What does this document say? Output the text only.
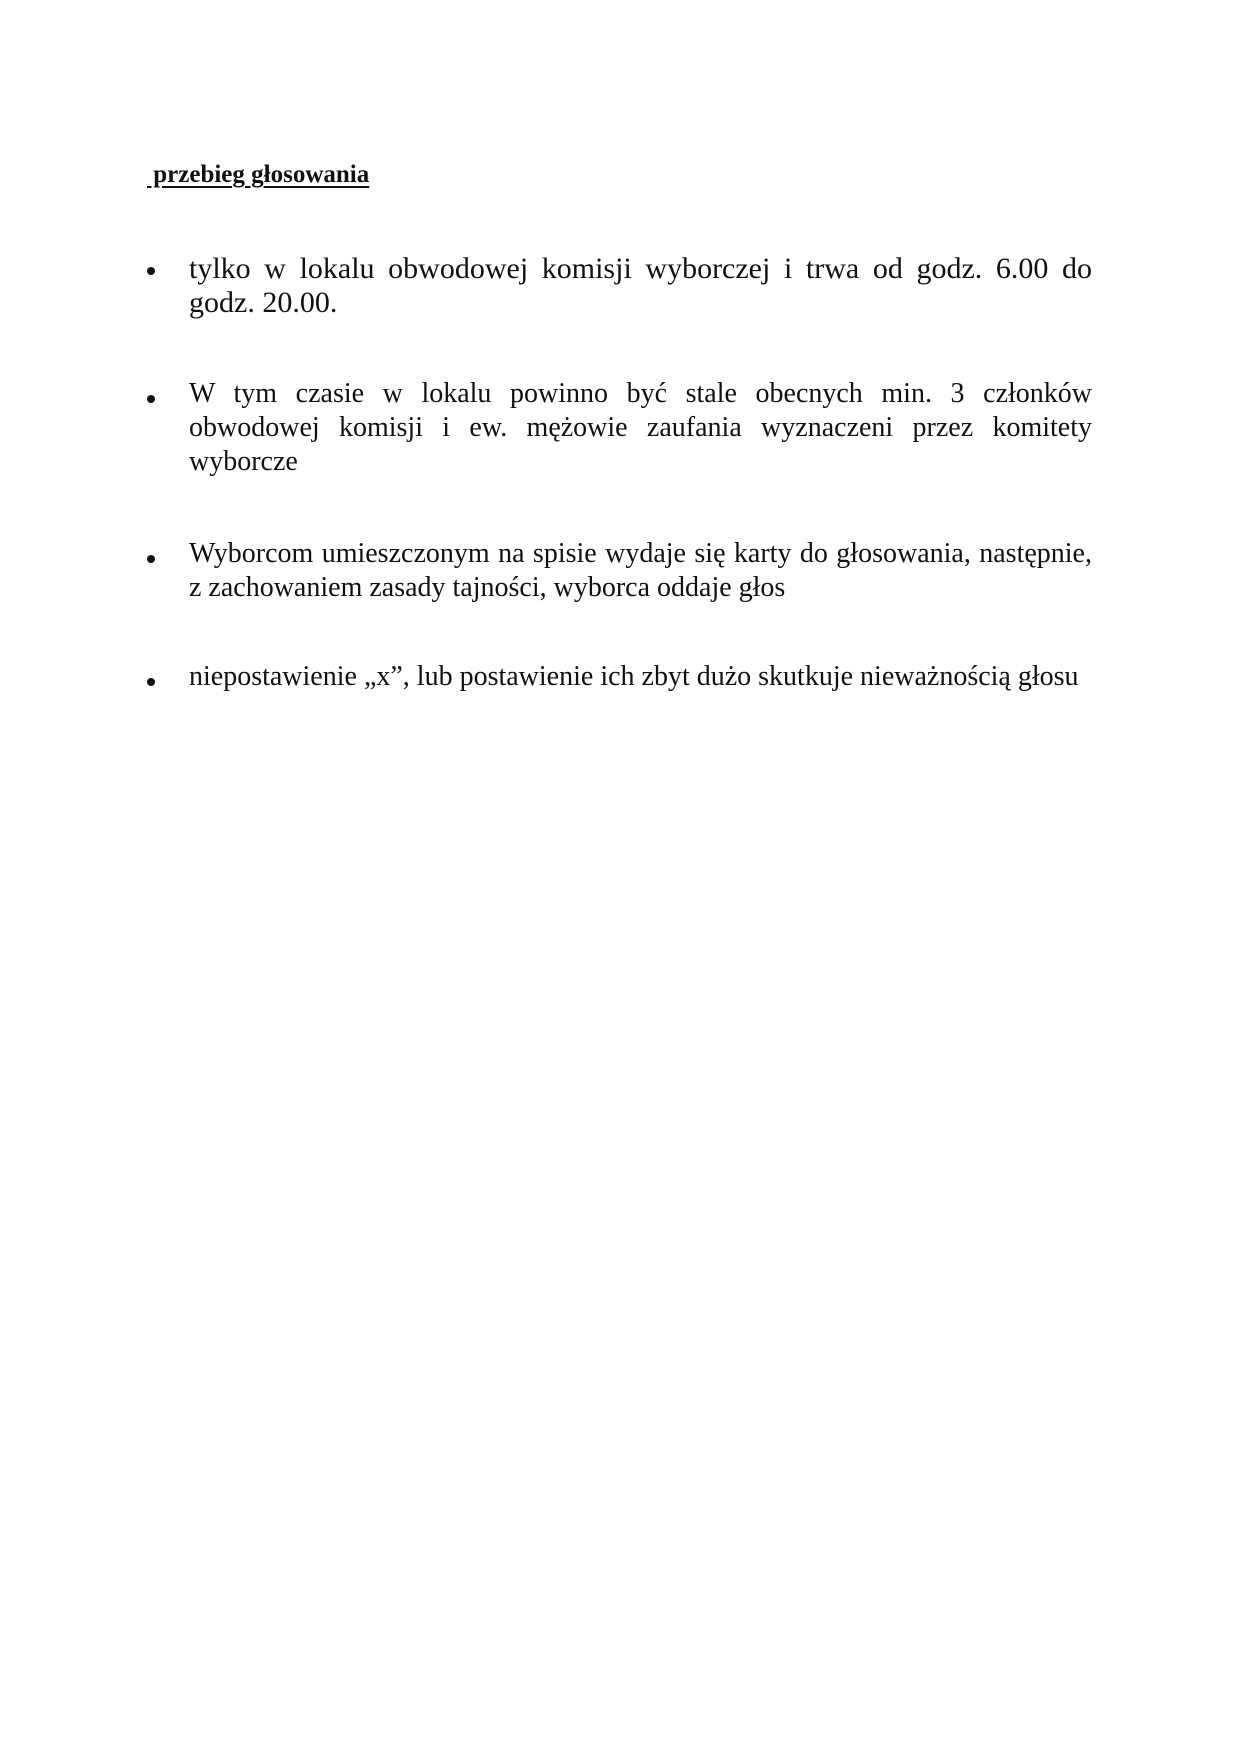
przebieg głosowania
tylko w lokalu obwodowej komisji wyborczej i trwa od godz. 6.00 do godz. 20.00.
W tym czasie w lokalu powinno być stale obecnych min. 3 członków obwodowej komisji i ew. mężowie zaufania wyznaczeni przez komitety wyborcze
Wyborcom umieszczonym na spisie wydaje się karty do głosowania, następnie, z zachowaniem zasady tajności, wyborca oddaje głos
niepostawienie „x”, lub postawienie ich zbyt dużo skutkuje nieważnością głosu
